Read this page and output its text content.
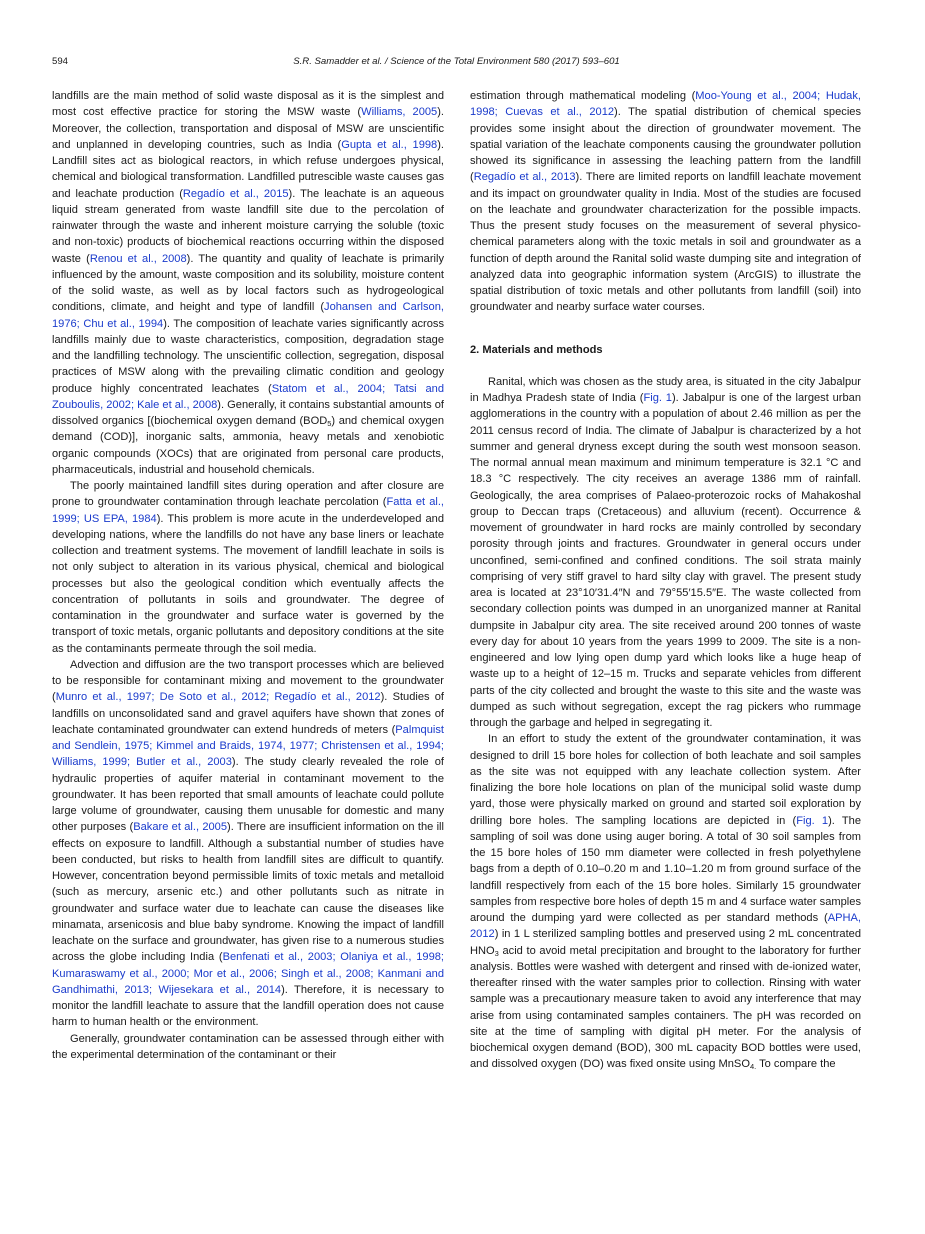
594	S.R. Samadder et al. / Science of the Total Environment 580 (2017) 593–601

landfills are the main method of solid waste disposal as it is the simplest and most cost effective practice for storing the MSW waste (Williams, 2005). Moreover, the collection, transportation and disposal of MSW are unscientific and unplanned in developing countries, such as India (Gupta et al., 1998). Landfill sites act as biological reactors, in which refuse undergoes physical, chemical and biological transformation. Landfilled putrescible waste causes gas and leachate production (Regadío et al., 2015). The leachate is an aqueous liquid stream generated from waste landfill site due to the percolation of rainwater through the waste and inherent moisture carrying the soluble (toxic and non-toxic) products of biochemical reactions occurring within the disposed waste (Renou et al., 2008). The quantity and quality of leachate is primarily influenced by the amount, waste composition and its solubility, moisture content of the solid waste, as well as by local factors such as hydrogeological conditions, climate, and height and type of landfill (Johansen and Carlson, 1976; Chu et al., 1994). The composition of leachate varies significantly across landfills mainly due to waste characteristics, composition, degradation stage and the landfilling technology. The unscientific collection, segregation, disposal practices of MSW along with the prevailing climatic condition and geology produce highly concentrated leachates (Statom et al., 2004; Tatsi and Zouboulis, 2002; Kale et al., 2008). Generally, it contains substantial amounts of dissolved organics [(biochemical oxygen demand $(BOD_5)$ and chemical oxygen demand (COD)], inorganic salts, ammonia, heavy metals and xenobiotic organic compounds (XOCs) that are originated from personal care products, pharmaceuticals, industrial and household chemicals.

The poorly maintained landfill sites during operation and after closure are prone to groundwater contamination through leachate percolation (Fatta et al., 1999; US EPA, 1984). This problem is more acute in the underdeveloped and developing nations, where the landfills do not have any base liners or leachate collection and treatment systems. The movement of landfill leachate in soils is not only subject to alteration in its various physical, chemical and biological processes but also the geological condition which eventually affects the concentration of pollutants in soils and groundwater. The degree of contamination in the groundwater and surface water is governed by the transport of toxic metals, organic pollutants and depository conditions at the site as the contaminants permeate through the soil media.

Advection and diffusion are the two transport processes which are believed to be responsible for contaminant mixing and movement to the groundwater (Munro et al., 1997; De Soto et al., 2012; Regadío et al., 2012). Studies of landfills on unconsolidated sand and gravel aquifers have shown that zones of leachate contaminated groundwater can extend hundreds of meters (Palmquist and Sendlein, 1975; Kimmel and Braids, 1974, 1977; Christensen et al., 1994; Williams, 1999; Butler et al., 2003). The study clearly revealed the role of hydraulic properties of aquifer material in contaminant movement to the groundwater. It has been reported that small amounts of leachate could pollute large volume of groundwater, causing them unusable for domestic and many other purposes (Bakare et al., 2005). There are insufficient information on the ill effects on exposure to landfill. Although a substantial number of studies have been conducted, but risks to health from landfill sites are difficult to quantify. However, concentration beyond permissible limits of toxic metals and metalloid (such as mercury, arsenic etc.) and other pollutants such as nitrate in groundwater and surface water due to leachate can cause the diseases like minamata, arsenicosis and blue baby syndrome. Knowing the impact of landfill leachate on the surface and groundwater, has given rise to a numerous studies across the globe including India (Benfenati et al., 2003; Olaniya et al., 1998; Kumaraswamy et al., 2000; Mor et al., 2006; Singh et al., 2008; Kanmani and Gandhimathi, 2013; Wijesekara et al., 2014). Therefore, it is necessary to monitor the landfill leachate to assure that the landfill operation does not cause harm to human health or the environment.

Generally, groundwater contamination can be assessed through either with the experimental determination of the contaminant or their

estimation through mathematical modeling (Moo-Young et al., 2004; Hudak, 1998; Cuevas et al., 2012). The spatial distribution of chemical species provides some insight about the direction of groundwater movement. The spatial variation of the leachate components causing the groundwater pollution showed its significance in assessing the leaching pattern from the landfill (Regadío et al., 2013). There are limited reports on landfill leachate movement and its impact on groundwater quality in India. Most of the studies are focused on the leachate and groundwater characterization for the possible impacts. Thus the present study focuses on the measurement of several physico-chemical parameters along with the toxic metals in soil and groundwater as a function of depth around the Ranital solid waste dumping site and integration of analyzed data into geographic information system (ArcGIS) to illustrate the spatial distribution of toxic metals and other pollutants from landfill (soil) into groundwater and nearby surface water courses.

2. Materials and methods

Ranital, which was chosen as the study area, is situated in the city Jabalpur in Madhya Pradesh state of India (Fig. 1). Jabalpur is one of the largest urban agglomerations in the country with a population of about 2.46 million as per the 2011 census record of India. The climate of Jabalpur is characterized by a hot summer and general dryness except during the south west monsoon season. The normal annual mean maximum and minimum temperature is 32.1 °C and 18.3 °C respectively. The city receives an average 1386 mm of rainfall. Geologically, the area comprises of Palaeo-proterozoic rocks of Mahakoshal group to Deccan traps (Cretaceous) and alluvium (recent). Occurrence & movement of groundwater in hard rocks are mainly controlled by secondary porosity through joints and fractures. Groundwater in general occurs under unconfined, semi-confined and confined conditions. The soil strata mainly comprising of very stiff gravel to hard silty clay with gravel. The present study area is located at 23°10′31.4″N and 79°55′15.5″E. The waste collected from secondary collection points was dumped in an unorganized manner at Ranital dumpsite in Jabalpur city area. The site received around 200 tonnes of waste every day for about 10 years from the years 1999 to 2009. The site is a non-engineered and low lying open dump yard which looks like a huge heap of waste up to a height of 12–15 m. Trucks and separate vehicles from different parts of the city collected and brought the waste to this site and the waste was dumped as such without segregation, except the rag pickers who rummage through the garbage and helped in segregating it.

In an effort to study the extent of the groundwater contamination, it was designed to drill 15 bore holes for collection of both leachate and soil samples as the site was not equipped with any leachate collection system. After finalizing the bore hole locations on plan of the municipal solid waste dump yard, those were physically marked on ground and started soil exploration by drilling bore holes. The sampling locations are depicted in (Fig. 1). The sampling of soil was done using auger boring. A total of 30 soil samples from the 15 bore holes of 150 mm diameter were collected in fresh polyethylene bags from a depth of 0.10–0.20 m and 1.10–1.20 m from ground surface of the landfill respectively from each of the 15 bore holes. Similarly 15 groundwater samples from respective bore holes of depth 15 m and 4 surface water samples around the dumping yard were collected as per standard methods (APHA, 2012) in 1 L sterilized sampling bottles and preserved using 2 mL concentrated $HNO_3$ acid to avoid metal precipitation and brought to the laboratory for further analysis. Bottles were washed with detergent and rinsed with de-ionized water, thereafter rinsed with the water samples prior to collection. Rinsing with water sample was a precautionary measure taken to avoid any interference that may arise from using contaminated samples containers. The pH was recorded on site at the time of sampling with digital pH meter. For the analysis of biochemical oxygen demand (BOD), 300 mL capacity BOD bottles were used, and dissolved oxygen (DO) was fixed onsite using MnSO$_{4.}$ To compare the
